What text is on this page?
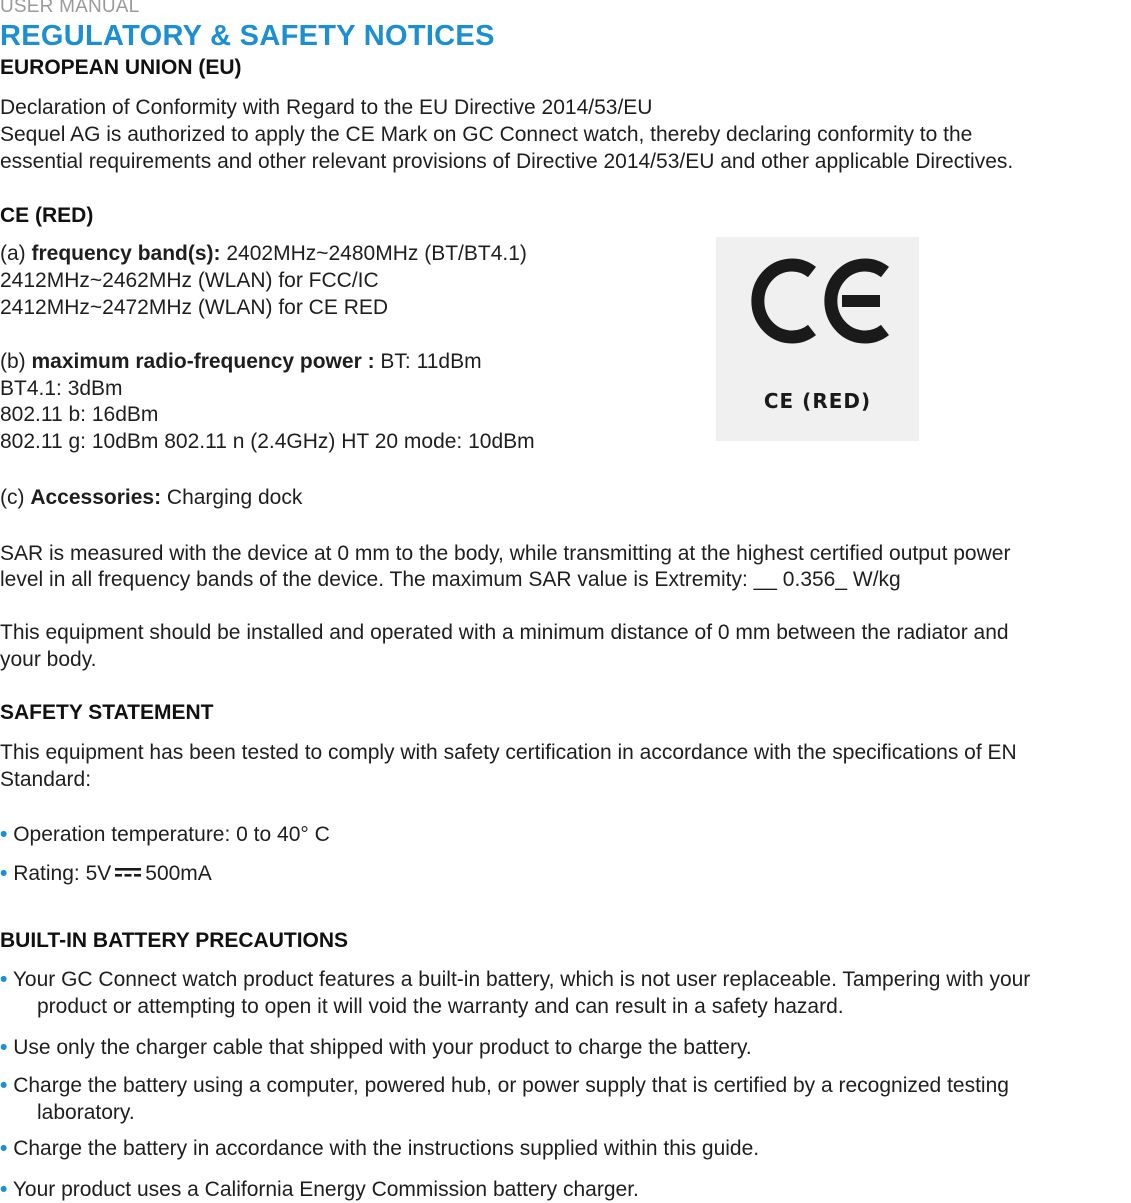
USER MANUAL
REGULATORY & SAFETY NOTICES
EUROPEAN UNION (EU)
Declaration of Conformity with Regard to the EU Directive 2014/53/EU
Sequel AG is authorized to apply the CE Mark on GC Connect watch, thereby declaring conformity to the
essential requirements and other relevant provisions of Directive 2014/53/EU and other applicable Directives.
CE (RED)
(a) frequency band(s): 2402MHz~2480MHz (BT/BT4.1)
2412MHz~2462MHz (WLAN) for FCC/IC
2412MHz~2472MHz (WLAN) for CE RED
(b) maximum radio-frequency power : BT: 11dBm
BT4.1: 3dBm
802.11 b: 16dBm
802.11 g: 10dBm 802.11 n (2.4GHz) HT 20 mode: 10dBm
(c) Accessories: Charging dock
SAR is measured with the device at 0 mm to the body, while transmitting at the highest certified output power
level in all frequency bands of the device. The maximum SAR value is Extremity: __ 0.356_ W/kg
This equipment should be installed and operated with a minimum distance of 0 mm between the radiator and
your body.
CE (RED)
SAFETY STATEMENT
This equipment has been tested to comply with safety certification in accordance with the specifications of EN
Standard:
• Operation temperature: 0 to 40° C
• Rating: 5V 500mA
BUILT-IN BATTERY PRECAUTIONS
• Your GC Connect watch product features a built-in battery, which is not user replaceable. Tampering with your
product or attempting to open it will void the warranty and can result in a safety hazard.
• Use only the charger cable that shipped with your product to charge the battery.
• Charge the battery using a computer, powered hub, or power supply that is certified by a recognized testing
laboratory.
• Charge the battery in accordance with the instructions supplied within this guide.
• Your product uses a California Energy Commission battery charger.
